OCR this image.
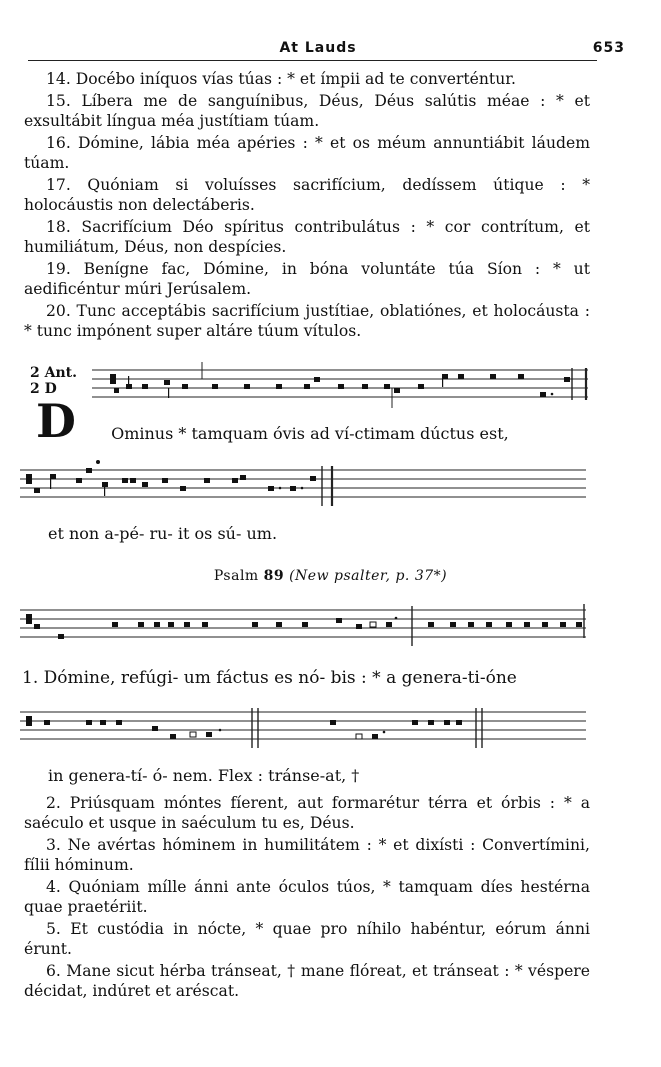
At Lauds	653

14. Docébo iníquos vías túas : * et ímpii ad te converténtur.

15. Líbera me de sanguínibus, Déus, Déus salútis méae : * et exsultábit língua méa justítiam túam.

16. Dómine, lábia méa apéries : * et os méum annuntiábit láudem túam.

17. Quóniam si voluísses sacrifícium, dedíssem útique : * holocáustis non delectáberis.

18. Sacrifícium Déo spíritus contribulátus : * cor contrítum, et humiliátum, Déus, non despícies.

19. Benígne fac, Dómine, in bóna voluntáte túa Síon : * ut aedificéntur múri Jerúsalem.

20. Tunc acceptábis sacrifícium justítiae, oblatiónes, et holocáusta : * tunc impónent super altáre túum vítulos.

2 Ant.
2 D
D	Ominus * tamquam óvis ad ví-ctimam dúctus est,
et non a-pé- ru- it os sú- um.
Psalm 89 (New psalter, p. 37*)
1. Dómine, refúgi- um fáctus es nó- bis : * a genera-ti-óne
in genera-tí- ó- nem. Flex : tránse-at, †

2. Priúsquam móntes fíerent, aut formarétur térra et órbis : * a saéculo et usque in saéculum tu es, Déus.

3. Ne avértas hóminem in humilitátem : * et dixísti : Convertímini, fílii hóminum.

4. Quóniam mílle ánni ante óculos túos, * tamquam díes hestérna quae praetériit.

5. Et custódia in nócte, * quae pro níhilo habéntur, eórum ánni érunt.

6. Mane sicut hérba tránseat, † mane flóreat, et tránseat : * véspere décidat, indúret et aréscat.
